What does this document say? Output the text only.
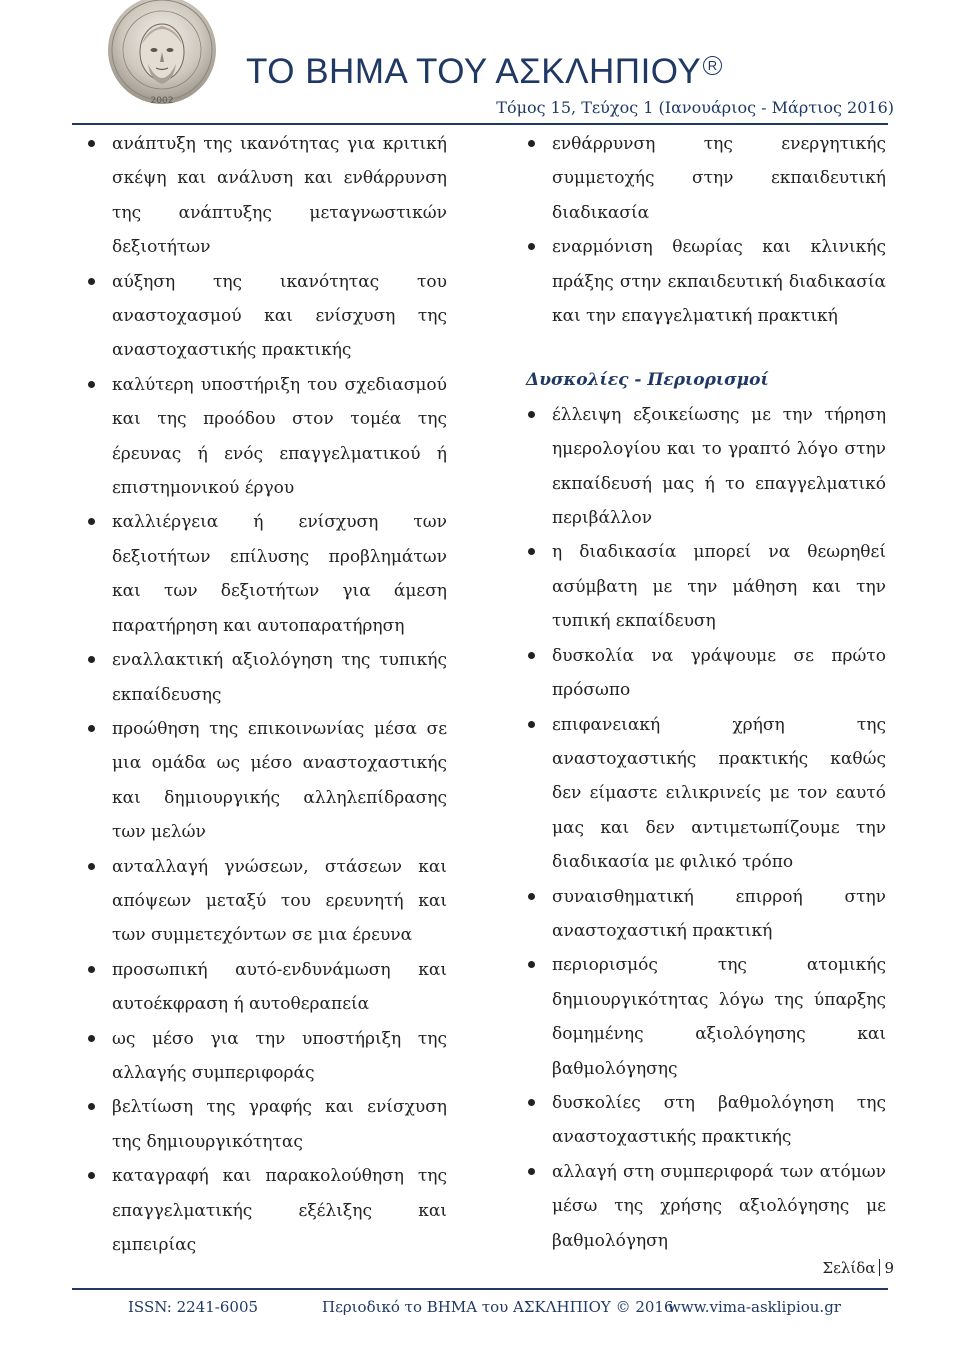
2002
ΤΟ ΒΗΜΑ ΤΟΥ ΑΣΚΛΗΠΙΟΥ R
Τόμος 15, Τεύχος 1 (Ιανουάριος - Μάρτιος 2016)
ανάπτυξη της ικανότητας για κριτική σκέψη και ανάλυση και ενθάρρυνση της ανάπτυξης μεταγνωστικών δεξιοτήτων
αύξηση της ικανότητας του αναστοχασμού και ενίσχυση της αναστοχαστικής πρακτικής
καλύτερη υποστήριξη του σχεδιασμού και της προόδου στον τομέα της έρευνας ή ενός επαγγελματικού ή επιστημονικού έργου
καλλιέργεια ή ενίσχυση των δεξιοτήτων επίλυσης προβλημάτων και των δεξιοτήτων για άμεση παρατήρηση και αυτοπαρατήρηση
εναλλακτική αξιολόγηση της τυπικής εκπαίδευσης
προώθηση της επικοινωνίας μέσα σε μια ομάδα ως μέσο αναστοχαστικής και δημιουργικής αλληλεπίδρασης των μελών
ανταλλαγή γνώσεων, στάσεων και απόψεων μεταξύ του ερευνητή και των συμμετεχόντων σε μια έρευνα
προσωπική αυτό-ενδυνάμωση και αυτοέκφραση ή αυτοθεραπεία
ως μέσο για την υποστήριξη της αλλαγής συμπεριφοράς
βελτίωση της γραφής και ενίσχυση της δημιουργικότητας
καταγραφή και παρακολούθηση της επαγγελματικής εξέλιξης και εμπειρίας
ενθάρρυνση της ενεργητικής συμμετοχής στην εκπαιδευτική διαδικασία
εναρμόνιση θεωρίας και κλινικής πράξης στην εκπαιδευτική διαδικασία και την επαγγελματική πρακτική
Δυσκολίες - Περιορισμοί
έλλειψη εξοικείωσης με την τήρηση ημερολογίου και το γραπτό λόγο στην εκπαίδευσή μας ή το επαγγελματικό περιβάλλον
η διαδικασία μπορεί να θεωρηθεί ασύμβατη με την μάθηση και την τυπική εκπαίδευση
δυσκολία να γράψουμε σε πρώτο πρόσωπο
επιφανειακή χρήση της αναστοχαστικής πρακτικής καθώς δεν είμαστε ειλικρινείς με τον εαυτό μας και δεν αντιμετωπίζουμε την διαδικασία με φιλικό τρόπο
συναισθηματική επιρροή στην αναστοχαστική πρακτική
περιορισμός της ατομικής δημιουργικότητας λόγω της ύπαρξης δομημένης αξιολόγησης και βαθμολόγησης
δυσκολίες στη βαθμολόγηση της αναστοχαστικής πρακτικής
αλλαγή στη συμπεριφορά των ατόμων μέσω της χρήσης αξιολόγησης με βαθμολόγηση
Σελίδα 9
ISSN: 2241-6005	Περιοδικό το ΒΗΜΑ του ΑΣΚΛΗΠΙΟΥ © 2016
www.vima-asklipiou.gr
